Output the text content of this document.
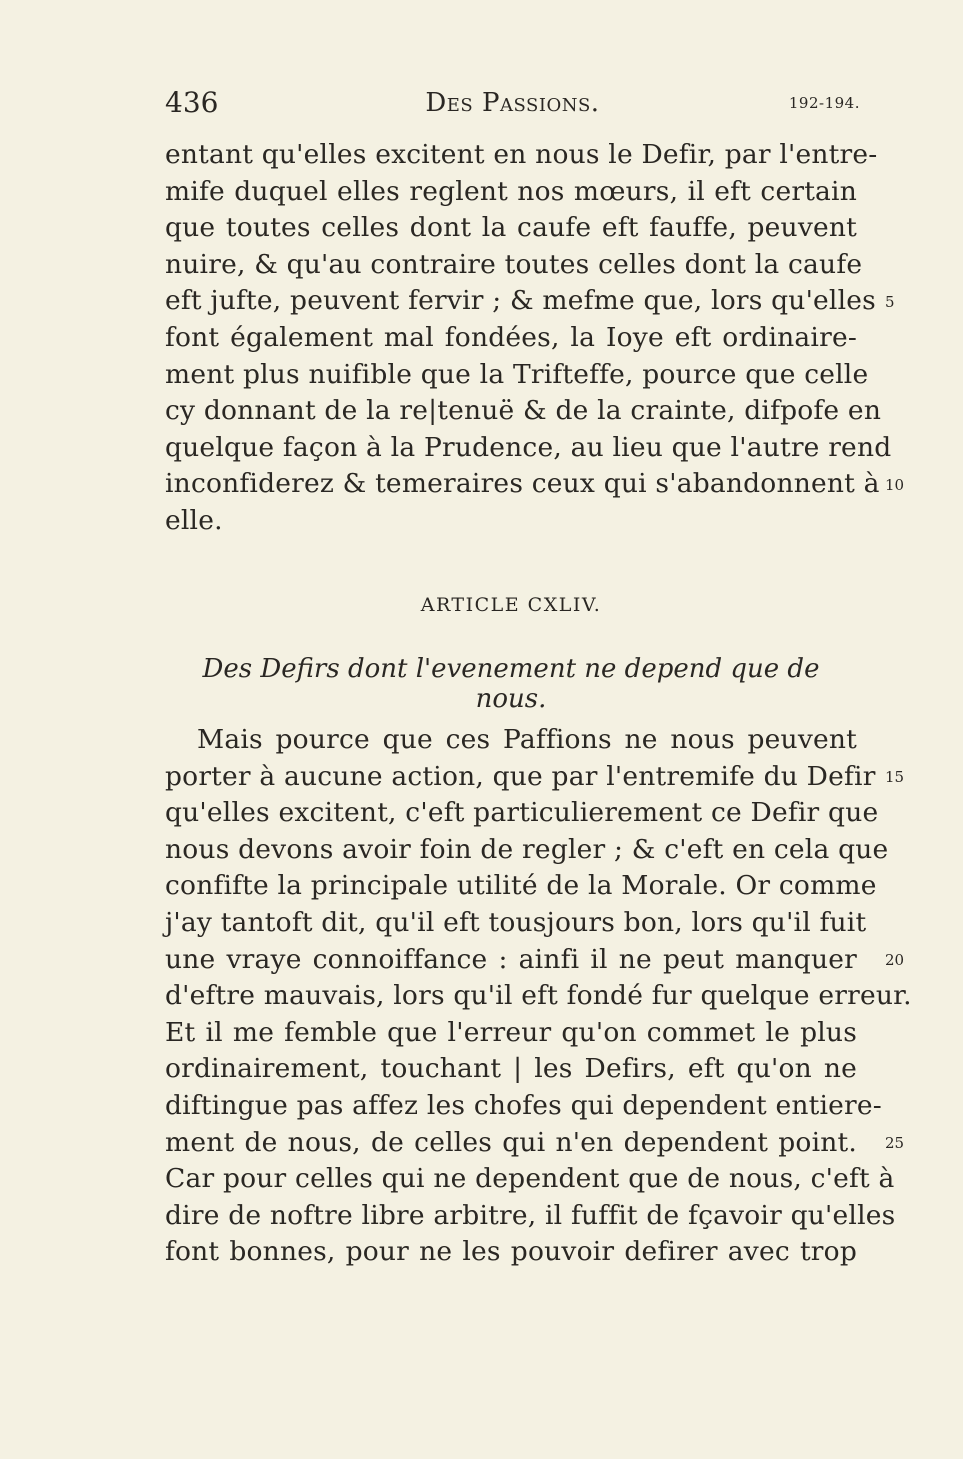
436	Des Passions.	192-194.
entant qu'elles excitent en nous le Defir, par l'entre-
mife duquel elles reglent nos mœurs, il eft certain
que toutes celles dont la caufe eft fauffe, peuvent
nuire, & qu'au contraire toutes celles dont la caufe
eft jufte, peuvent fervir ; & mefme que, lors qu'elles
font également mal fondées, la Ioye eft ordinaire-
ment plus nuifible que la Trifteffe, pource que celle
cy donnant de la re|tenuë & de la crainte, difpofe en
quelque façon à la Prudence, au lieu que l'autre rend
inconfiderez & temeraires ceux qui s'abandonnent à
elle.
ARTICLE CXLIV.
Des Defirs dont l'evenement ne depend que de nous.
Mais pource que ces Paffions ne nous peuvent
porter à aucune action, que par l'entremife du Defir
qu'elles excitent, c'eft particulierement ce Defir que
nous devons avoir foin de regler ; & c'eft en cela que
confifte la principale utilité de la Morale. Or comme
j'ay tantoft dit, qu'il eft tousjours bon, lors qu'il fuit
une vraye connoiffance : ainfi il ne peut manquer
d'eftre mauvais, lors qu'il eft fondé fur quelque erreur.
Et il me femble que l'erreur qu'on commet le plus
ordinairement, touchant | les Defirs, eft qu'on ne
diftingue pas affez les chofes qui dependent entiere-
ment de nous, de celles qui n'en dependent point.
Car pour celles qui ne dependent que de nous, c'eft à
dire de noftre libre arbitre, il fuffit de fçavoir qu'elles
font bonnes, pour ne les pouvoir defirer avec trop
5
10
15
20
25
